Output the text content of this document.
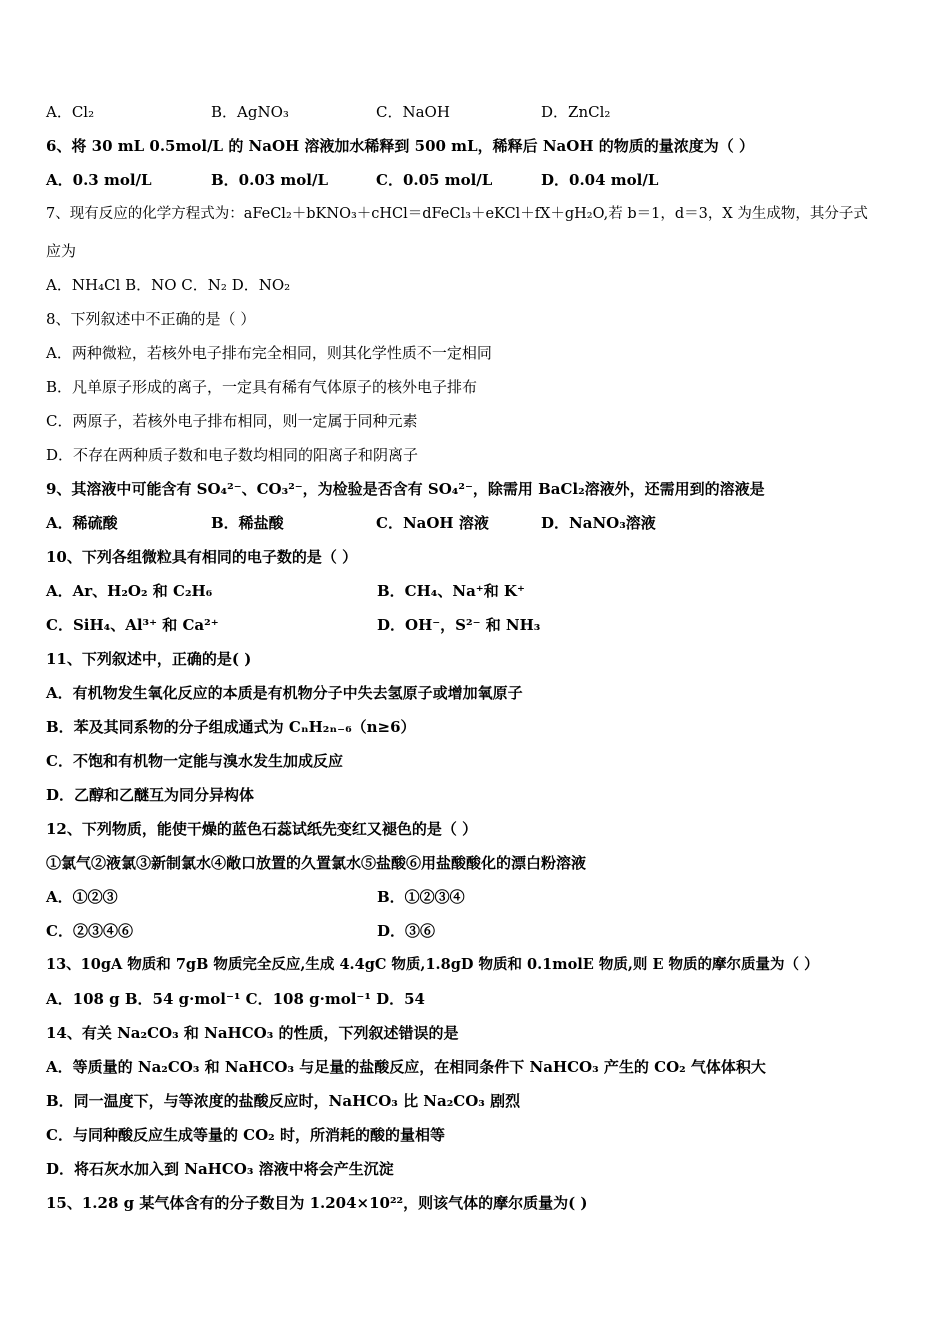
A．Cl₂	B．AgNO₃	C．NaOH	D．ZnCl₂
6、将 30 mL 0.5mol/L 的 NaOH 溶液加水稀释到 500 mL，稀释后 NaOH 的物质的量浓度为（ ）
A．0.3 mol/L	B．0.03 mol/L	C．0.05 mol/L	D．0.04 mol/L
7、现有反应的化学方程式为：aFeCl₂＋bKNO₃＋cHCl＝dFeCl₃＋eKCl＋fX＋gH₂O,若 b＝1，d＝3，X 为生成物，其分子式
应为
A．NH₄Cl B．NO C．N₂ D．NO₂
8、下列叙述中不正确的是（ ）
A．两种微粒，若核外电子排布完全相同，则其化学性质不一定相同
B．凡单原子形成的离子，一定具有稀有气体原子的核外电子排布
C．两原子，若核外电子排布相同，则一定属于同种元素
D．不存在两种质子数和电子数均相同的阳离子和阴离子
9、其溶液中可能含有 SO₄²⁻、CO₃²⁻，为检验是否含有 SO₄²⁻，除需用 BaCl₂溶液外，还需用到的溶液是
A．稀硫酸	B．稀盐酸	C．NaOH 溶液	D．NaNO₃溶液
10、下列各组微粒具有相同的电子数的是（ ）
A．Ar、H₂O₂ 和 C₂H₆	B．CH₄、Na⁺和 K⁺
C．SiH₄、Al³⁺ 和 Ca²⁺	D．OH⁻，S²⁻ 和 NH₃
11、下列叙述中，正确的是( )
A．有机物发生氧化反应的本质是有机物分子中失去氢原子或增加氧原子
B．苯及其同系物的分子组成通式为 CₙH₂ₙ₋₆（n≥6）
C．不饱和有机物一定能与溴水发生加成反应
D．乙醇和乙醚互为同分异构体
12、下列物质，能使干燥的蓝色石蕊试纸先变红又褪色的是（ ）
①氯气②液氯③新制氯水④敞口放置的久置氯水⑤盐酸⑥用盐酸酸化的漂白粉溶液
A．①②③	B．①②③④
C．②③④⑥	D．③⑥
13、10gA 物质和 7gB 物质完全反应,生成 4.4gC 物质,1.8gD 物质和 0.1molE 物质,则 E 物质的摩尔质量为（ ）
A．108 g B．54 g·mol⁻¹ C．108 g·mol⁻¹ D．54
14、有关 Na₂CO₃ 和 NaHCO₃ 的性质，下列叙述错误的是
A．等质量的 Na₂CO₃ 和 NaHCO₃ 与足量的盐酸反应，在相同条件下 NaHCO₃ 产生的 CO₂ 气体体积大
B．同一温度下，与等浓度的盐酸反应时，NaHCO₃ 比 Na₂CO₃ 剧烈
C．与同种酸反应生成等量的 CO₂ 时，所消耗的酸的量相等
D．将石灰水加入到 NaHCO₃ 溶液中将会产生沉淀
15、1.28 g 某气体含有的分子数目为 1.204×10²²，则该气体的摩尔质量为( )
